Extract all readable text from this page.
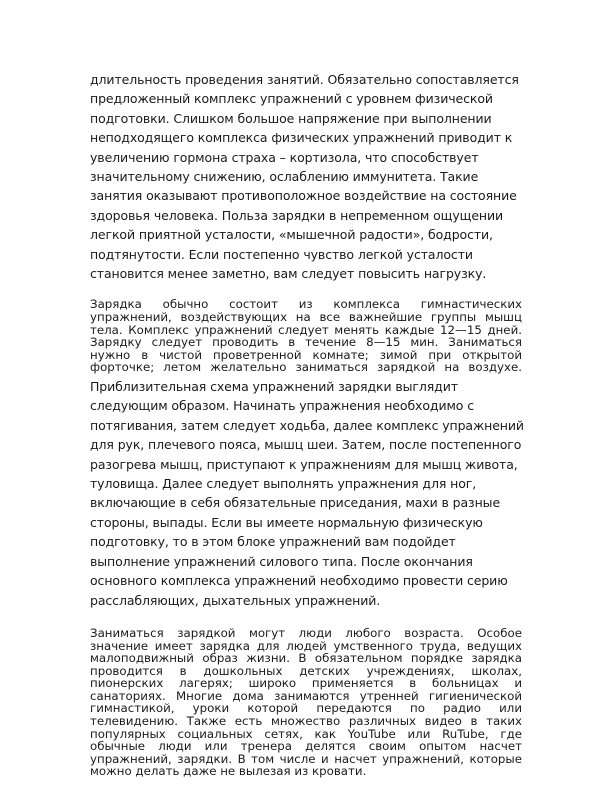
длительность проведения занятий. Обязательно сопоставляется
предложенный комплекс упражнений с уровнем физической
подготовки. Слишком большое напряжение при выполнении
неподходящего комплекса физических упражнений приводит к
увеличению гормона страха – кортизола, что способствует
значительному снижению, ослаблению иммунитета. Такие
занятия оказывают противоположное воздействие на состояние
здоровья человека. Польза зарядки в непременном ощущении
легкой приятной усталости, «мышечной радости», бодрости,
подтянутости. Если постепенно чувство легкой усталости
становится менее заметно, вам следует повысить нагрузку.

Зарядка обычно состоит из комплекса гимнастических
упражнений, воздействующих на все важнейшие группы мышц
тела. Комплекс упражнений следует менять каждые 12—15 дней.
Зарядку следует проводить в течение 8—15 мин. Заниматься
нужно в чистой проветренной комнате; зимой при открытой
форточке; летом желательно заниматься зарядкой на воздухе.

Приблизительная схема упражнений зарядки выглядит
следующим образом. Начинать упражнения необходимо с
потягивания, затем следует ходьба, далее комплекс упражнений
для рук, плечевого пояса, мышц шеи. Затем, после постепенного
разогрева мышц, приступают к упражнениям для мышц живота,
туловища. Далее следует выполнять упражнения для ног,
включающие в себя обязательные приседания, махи в разные
стороны, выпады. Если вы имеете нормальную физическую
подготовку, то в этом блоке упражнений вам подойдет
выполнение упражнений силового типа. После окончания
основного комплекса упражнений необходимо провести серию
расслабляющих, дыхательных упражнений.

Заниматься зарядкой могут люди любого возраста. Особое
значение имеет зарядка для людей умственного труда, ведущих
малоподвижный образ жизни. В обязательном порядке зарядка
проводится в дошкольных детских учреждениях, школах,
пионерских лагерях; широко применяется в больницах и
санаториях. Многие дома занимаются утренней гигиенической
гимнастикой, уроки которой передаются по радио или
телевидению. Также есть множество различных видео в таких
популярных социальных сетях, как YouTube или RuTube, где
обычные люди или тренера делятся своим опытом насчет
упражнений, зарядки. В том числе и насчет упражнений, которые
можно делать даже не вылезая из кровати.
